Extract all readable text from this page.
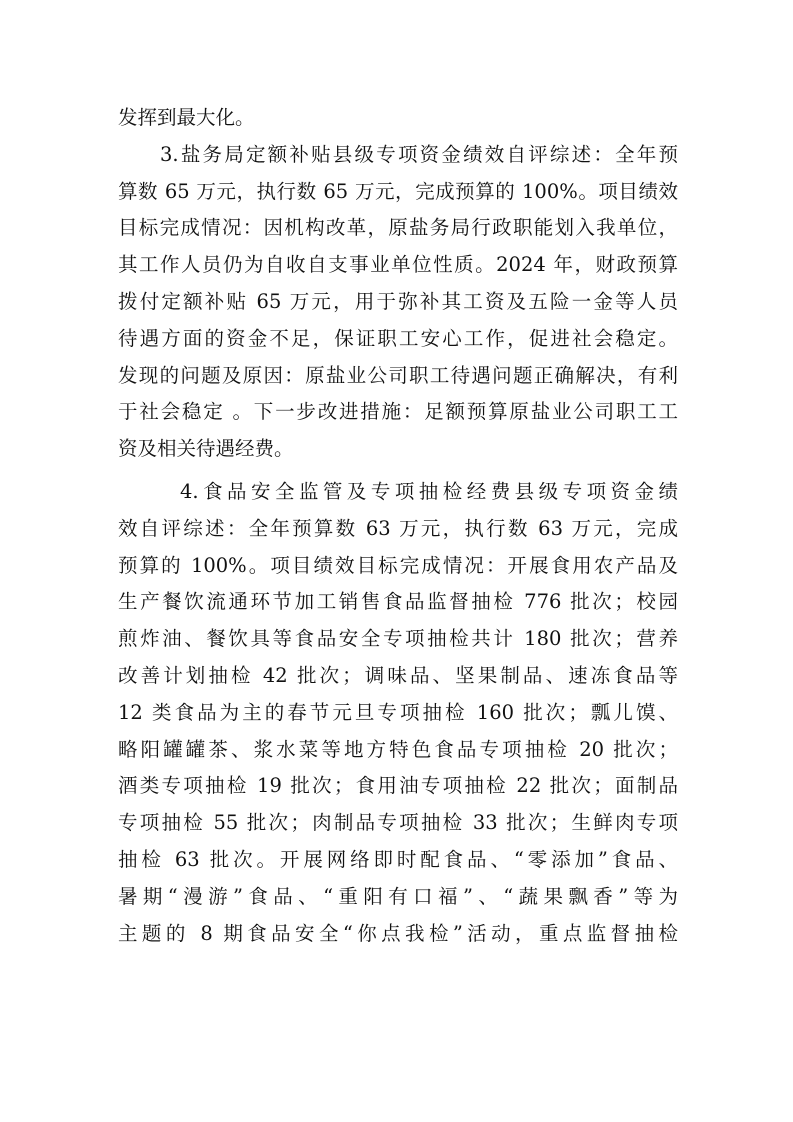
发挥到最大化。
3.盐务局定额补贴县级专项资金绩效自评综述：全年预
算数 65 万元，执行数 65 万元，完成预算的 100%。项目绩效
目标完成情况：因机构改革，原盐务局行政职能划入我单位，
其工作人员仍为自收自支事业单位性质。2024 年，财政预算
拨付定额补贴 65 万元，用于弥补其工资及五险一金等人员
待遇方面的资金不足，保证职工安心工作，促进社会稳定。
发现的问题及原因：原盐业公司职工待遇问题正确解决，有利
于社会稳定 。下一步改进措施：足额预算原盐业公司职工工
资及相关待遇经费。
4.食品安全监管及专项抽检经费县级专项资金绩
效自评综述：全年预算数 63 万元，执行数 63 万元，完成
预算的 100%。项目绩效目标完成情况：开展食用农产品及
生产餐饮流通环节加工销售食品监督抽检 776 批次；校园
煎炸油、餐饮具等食品安全专项抽检共计 180 批次；营养
改善计划抽检 42 批次；调味品、坚果制品、速冻食品等
12 类食品为主的春节元旦专项抽检 160 批次；瓢儿馍、
略阳罐罐茶、浆水菜等地方特色食品专项抽检 20 批次；
酒类专项抽检 19 批次；食用油专项抽检 22 批次；面制品
专项抽检 55 批次；肉制品专项抽检 33 批次；生鲜肉专项
抽检 63 批次。开展网络即时配食品、“零添加”食品、
暑期“漫游”食品、“重阳有口福”、“蔬果飘香”等为
主题的 8 期食品安全“你点我检”活动，重点监督抽检
